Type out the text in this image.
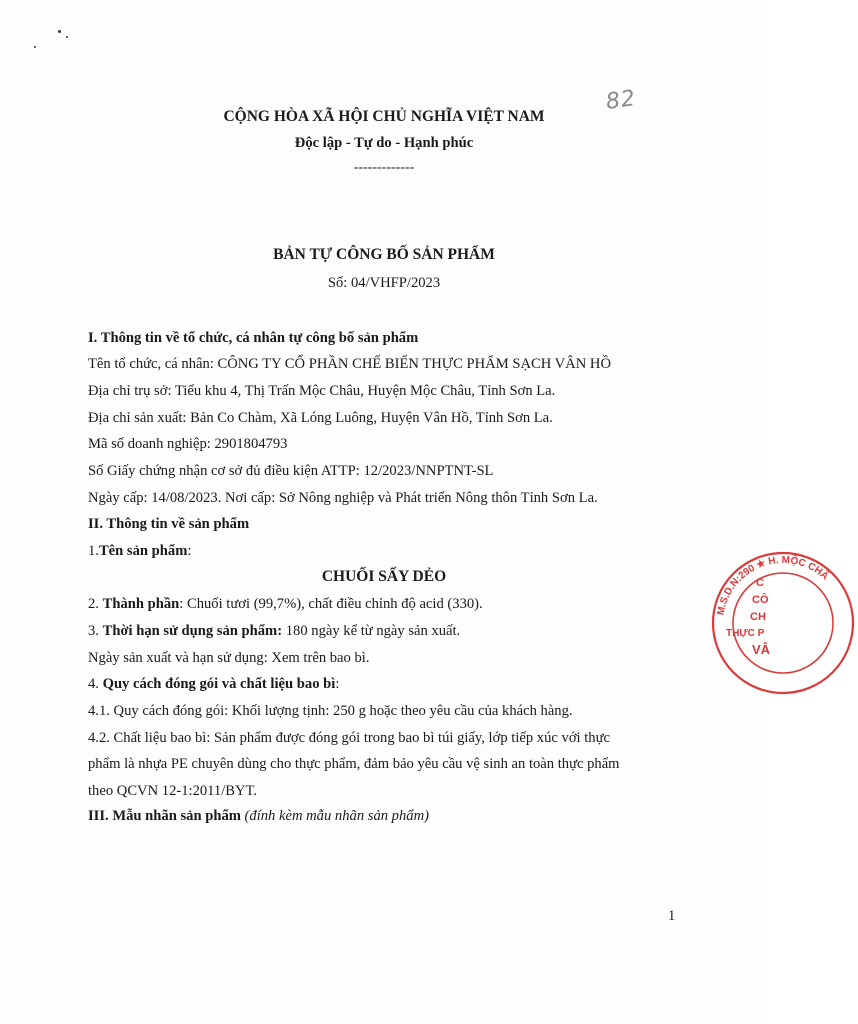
CỘNG HÒA XÃ HỘI CHỦ NGHĨA VIỆT NAM
Độc lập - Tự do - Hạnh phúc
-------------
82
BẢN TỰ CÔNG BỐ SẢN PHẨM
Số: 04/VHFP/2023
I. Thông tin về tổ chức, cá nhân tự công bố sản phẩm
Tên tổ chức, cá nhân: CÔNG TY CỔ PHẦN CHẾ BIẾN THỰC PHẨM SẠCH VÂN HỒ
Địa chỉ trụ sở: Tiểu khu 4, Thị Trấn Mộc Châu, Huyện Mộc Châu, Tỉnh Sơn La.
Địa chỉ sản xuất: Bản Co Chàm, Xã Lóng Luông, Huyện Vân Hồ, Tỉnh Sơn La.
Mã số doanh nghiệp: 2901804793
Số Giấy chứng nhận cơ sở đủ điều kiện ATTP: 12/2023/NNPTNT-SL
Ngày cấp: 14/08/2023. Nơi cấp: Sở Nông nghiệp và Phát triển Nông thôn Tỉnh Sơn La.
II. Thông tin về sản phẩm
1.Tên sản phẩm:
CHUỐI SẤY DẺO
2. Thành phần: Chuối tươi (99,7%), chất điều chỉnh độ acid (330).
3. Thời hạn sử dụng sản phẩm: 180 ngày kể từ ngày sản xuất.
Ngày sản xuất và hạn sử dụng: Xem trên bao bì.
4. Quy cách đóng gói và chất liệu bao bì:
4.1. Quy cách đóng gói: Khối lượng tịnh: 250 g hoặc theo yêu cầu của khách hàng.
4.2. Chất liệu bao bì: Sản phẩm được đóng gói trong bao bì túi giấy, lớp tiếp xúc với thực
phẩm là nhựa PE chuyên dùng cho thực phẩm, đảm bảo yêu cầu vệ sinh an toàn thực phẩm
theo QCVN 12-1:2011/BYT.
III. Mẫu nhãn sản phẩm (đính kèm mẫu nhãn sản phẩm)
M.S.D.N:290 ★ H. MỘC CHÂ
C
CÔ
CH
THỰC P
VÂ
1
